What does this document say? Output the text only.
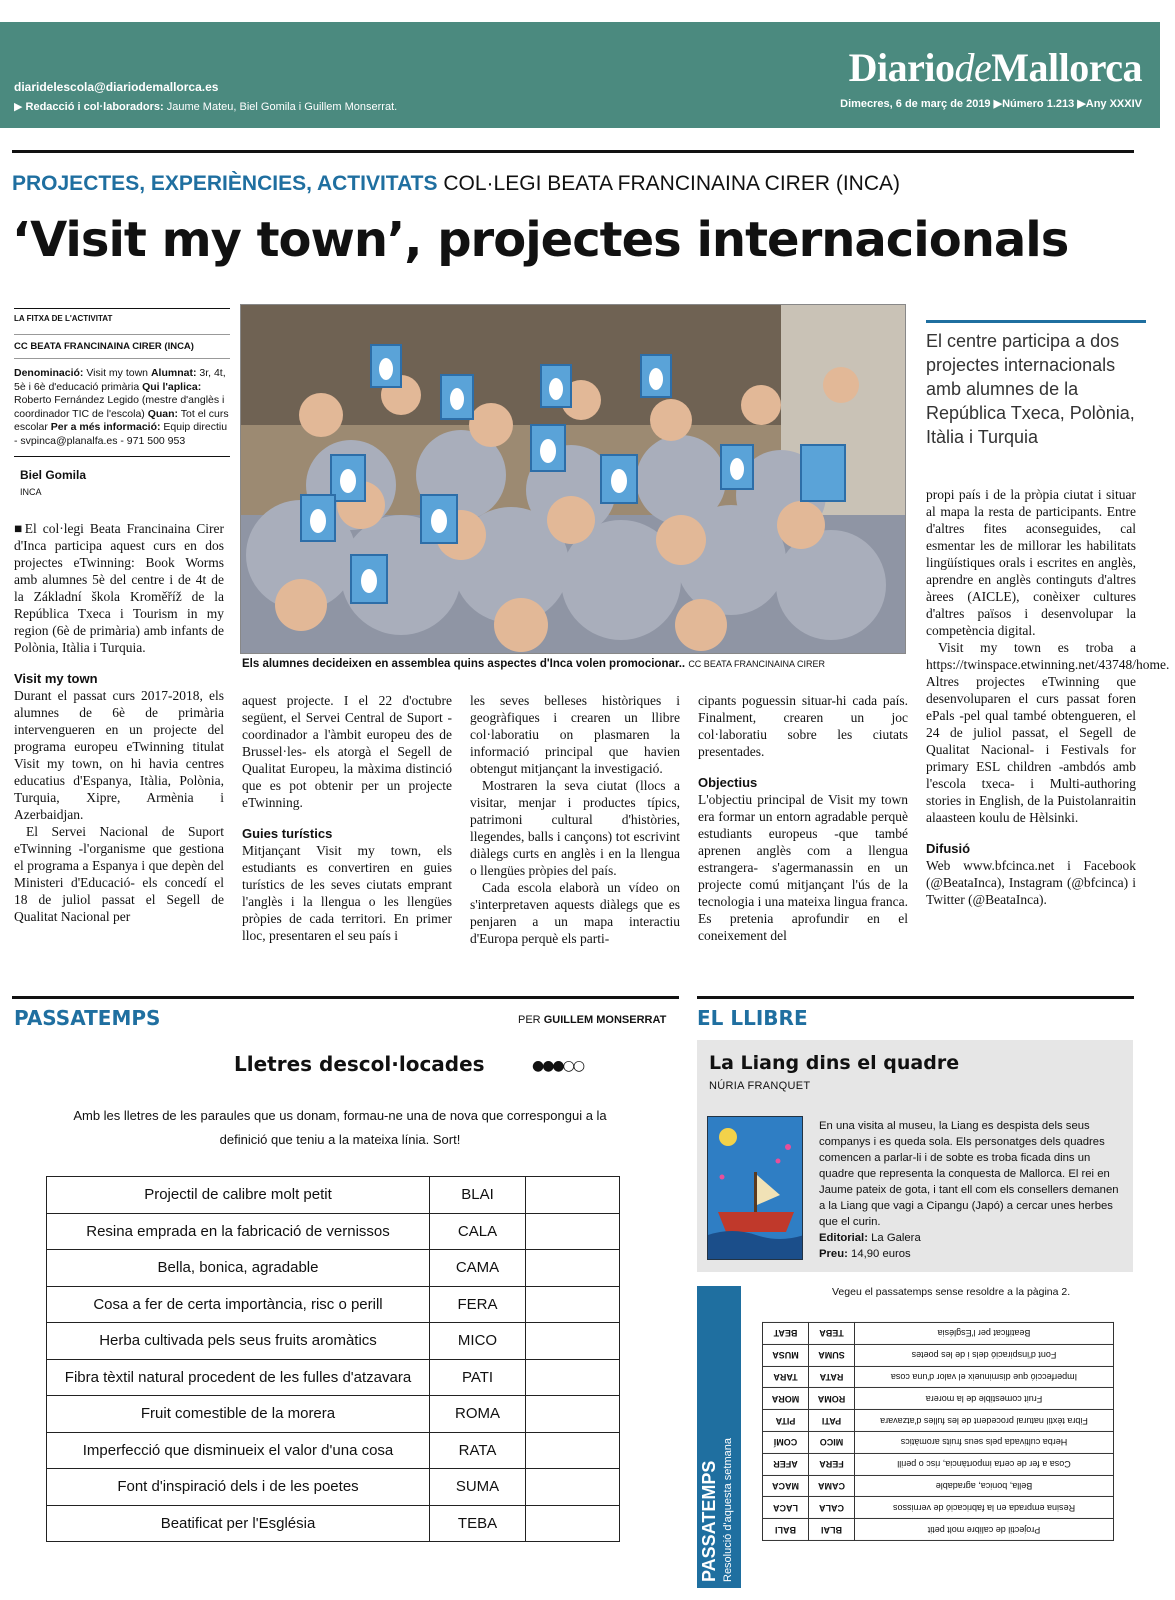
diaridelescola@diariodemallorca.es
▶ Redacció i col·laboradors: Jaume Mateu, Biel Gomila i Guillem Monserrat.
DiariodeMallorca
Dimecres, 6 de març de 2019 ▶Número 1.213 ▶Any XXXIV
PROJECTES, EXPERIÈNCIES, ACTIVITATS COL·LEGI BEATA FRANCINAINA CIRER (INCA)
‘Visit my town’, projectes internacionals
LA FITXA DE L'ACTIVITAT
CC BEATA FRANCINAINA CIRER (INCA)
Denominació: Visit my town Alumnat: 3r, 4t, 5è i 6è d'educació primària Qui l'aplica: Roberto Fernández Legido (mestre d'anglès i coordinador TIC de l'escola) Quan: Tot el curs escolar Per a més informació: Equip directiu - svpinca@planalfa.es - 971 500 953
Biel Gomila
INCA

■El col·legi Beata Francinaina Cirer d'Inca participa aquest curs en dos projectes eTwinning: Book Worms amb alumnes 5è del centre i de 4t de la Základní škola Kroměříž de la República Txeca i Tourism in my region (6è de primària) amb infants de Polònia, Itàlia i Turquia.

Visit my town

Durant el passat curs 2017-2018, els alumnes de 6è de primària intervengueren en un projecte del programa europeu eTwinning titulat Visit my town, on hi havia centres educatius d'Espanya, Itàlia, Polònia, Turquia, Xipre, Armènia i Azerbaidjan.

El Servei Nacional de Suport eTwinning -l'organisme que gestiona el programa a Espanya i que depèn del Ministeri d'Educació- els concedí el 18 de juliol passat el Segell de Qualitat Nacional per

Els alumnes decideixen en assemblea quins aspectes d'Inca volen promocionar.. CC BEATA FRANCINAINA CIRER
El centre participa a dos projectes internacionals amb alumnes de la República Txeca, Polònia, Itàlia i Turquia

aquest projecte. I el 22 d'octubre següent, el Servei Central de Suport -coordinador a l'àmbit europeu des de Brussel·les- els atorgà el Segell de Qualitat Europeu, la màxima distinció que es pot obtenir per un projecte eTwinning.

Guies turístics

Mitjançant Visit my town, els estudiants es convertiren en guies turístics de les seves ciutats emprant l'anglès i la llengua o les llengües pròpies de cada territori. En primer lloc, presentaren el seu país i

les seves belleses històriques i geogràfiques i crearen un llibre col·laboratiu on plasmaren la informació principal que havien obtengut mitjançant la investigació.

Mostraren la seva ciutat (llocs a visitar, menjar i productes típics, patrimoni cultural d'històries, llegendes, balls i cançons) tot escrivint diàlegs curts en anglès i en la llengua o llengües pròpies del país.

Cada escola elaborà un vídeo on s'interpretaven aquests diàlegs que es penjaren a un mapa interactiu d'Europa perquè els parti-

cipants poguessin situar-hi cada país. Finalment, crearen un joc col·laboratiu sobre les ciutats presentades.

Objectius

L'objectiu principal de Visit my town era formar un entorn agradable perquè estudiants europeus -que també aprenen anglès com a llengua estrangera- s'agermanassin en un projecte comú mitjançant l'ús de la tecnologia i una mateixa lingua franca. Es pretenia aprofundir en el coneixement del

propi país i de la pròpia ciutat i situar al mapa la resta de participants. Entre d'altres fites aconseguides, cal esmentar les de millorar les habilitats lingüístiques orals i escrites en anglès, aprendre en anglès continguts d'altres àrees (AICLE), conèixer cultures d'altres països i desenvolupar la competència digital.

Visit my town es troba a https://twinspace.etwinning.net/43748/home. Altres projectes eTwinning que desenvoluparen el curs passat foren ePals -pel qual també obtengueren, el 24 de juliol passat, el Segell de Qualitat Nacional- i Festivals for primary ESL children -ambdós amb l'escola txeca- i Multi-authoring stories in English, de la Puistolanraitin alaasteen koulu de Hèlsinki.

Difusió

Web www.bfcinca.net i Facebook (@BeataInca), Instagram (@bfcinca) i Twitter (@BeataInca).

PASSATEMPS	PER GUILLEM MONSERRAT
Lletres descol·locades	●●●○○
Amb les lletres de les paraules que us donam, formau-ne una de nova que correspongui a la definició que teniu a la mateixa línia. Sort!
Projectil de calibre molt petit	BLAI	
Resina emprada en la fabricació de vernissos	CALA	
Bella, bonica, agradable	CAMA	
Cosa a fer de certa importància, risc o perill	FERA	
Herba cultivada pels seus fruits aromàtics	MICO	
Fibra tèxtil natural procedent de les fulles d'atzavara	PATI	
Fruit comestible de la morera	ROMA	
Imperfecció que disminueix el valor d'una cosa	RATA	
Font d'inspiració dels i de les poetes	SUMA	
Beatificat per l'Església	TEBA	
EL LLIBRE
La Liang dins el quadre
NÚRIA FRANQUET
En una visita al museu, la Liang es despista dels seus companys i es queda sola. Els personatges dels quadres comencen a parlar-li i de sobte es troba ficada dins un quadre que representa la conquesta de Mallorca. El rei en Jaume pateix de gota, i tant ell com els consellers demanen a la Liang que vagi a Cipangu (Japó) a cercar unes herbes que el curin.
Editorial: La Galera
Preu: 14,90 euros
Vegeu el passatemps sense resoldre a la pàgina 2.
PASSATEMPS Resolució d'aquesta setmana	Projectil de calibre molt petit	BLAI	BALI
Resina emprada en la fabricació de vernissos	CALA	LACA
Bella, bonica, agradable	CAMA	MACA
Cosa a fer de certa importància, risc o perill	FERA	AFER
Herba cultivada pels seus fruits aromàtics	MICO	COMÍ
Fibra tèxtil natural procedent de les fulles d'atzavara	PATI	PITA
Fruit comestible de la morera	ROMA	MORA
Imperfecció que disminueix el valor d'una cosa	RATA	TARA
Font d'inspiració dels i de les poetes	SUMA	MUSA
Beatificat per l'Església	TEBA	BEAT
